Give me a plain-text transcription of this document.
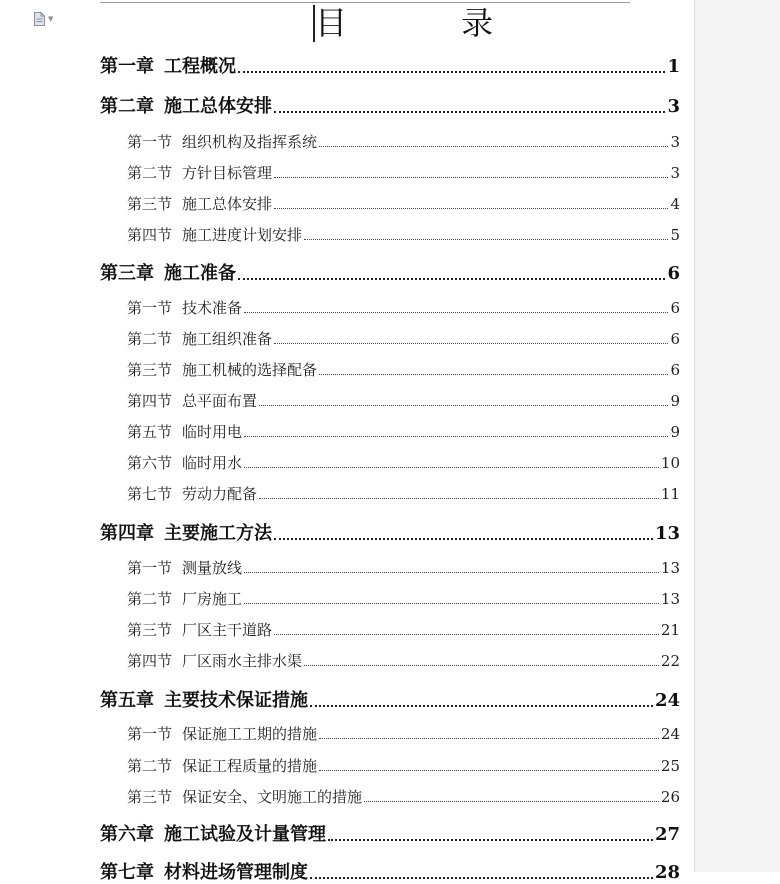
▼	目 录
第一章 工程概况	1
第二章 施工总体安排	3
第一节 组织机构及指挥系统	3
第二节 方针目标管理	3
第三节 施工总体安排	4
第四节 施工进度计划安排	5
第三章 施工准备	6
第一节 技术准备	6
第二节 施工组织准备	6
第三节 施工机械的选择配备	6
第四节 总平面布置	9
第五节 临时用电	9
第六节 临时用水	10
第七节 劳动力配备	11
第四章 主要施工方法	13
第一节 测量放线	13
第二节 厂房施工	13
第三节 厂区主干道路	21
第四节 厂区雨水主排水渠	22
第五章 主要技术保证措施	24
第一节 保证施工工期的措施	24
第二节 保证工程质量的措施	25
第三节 保证安全、文明施工的措施	26
第六章 施工试验及计量管理	27
第七章 材料进场管理制度	28
